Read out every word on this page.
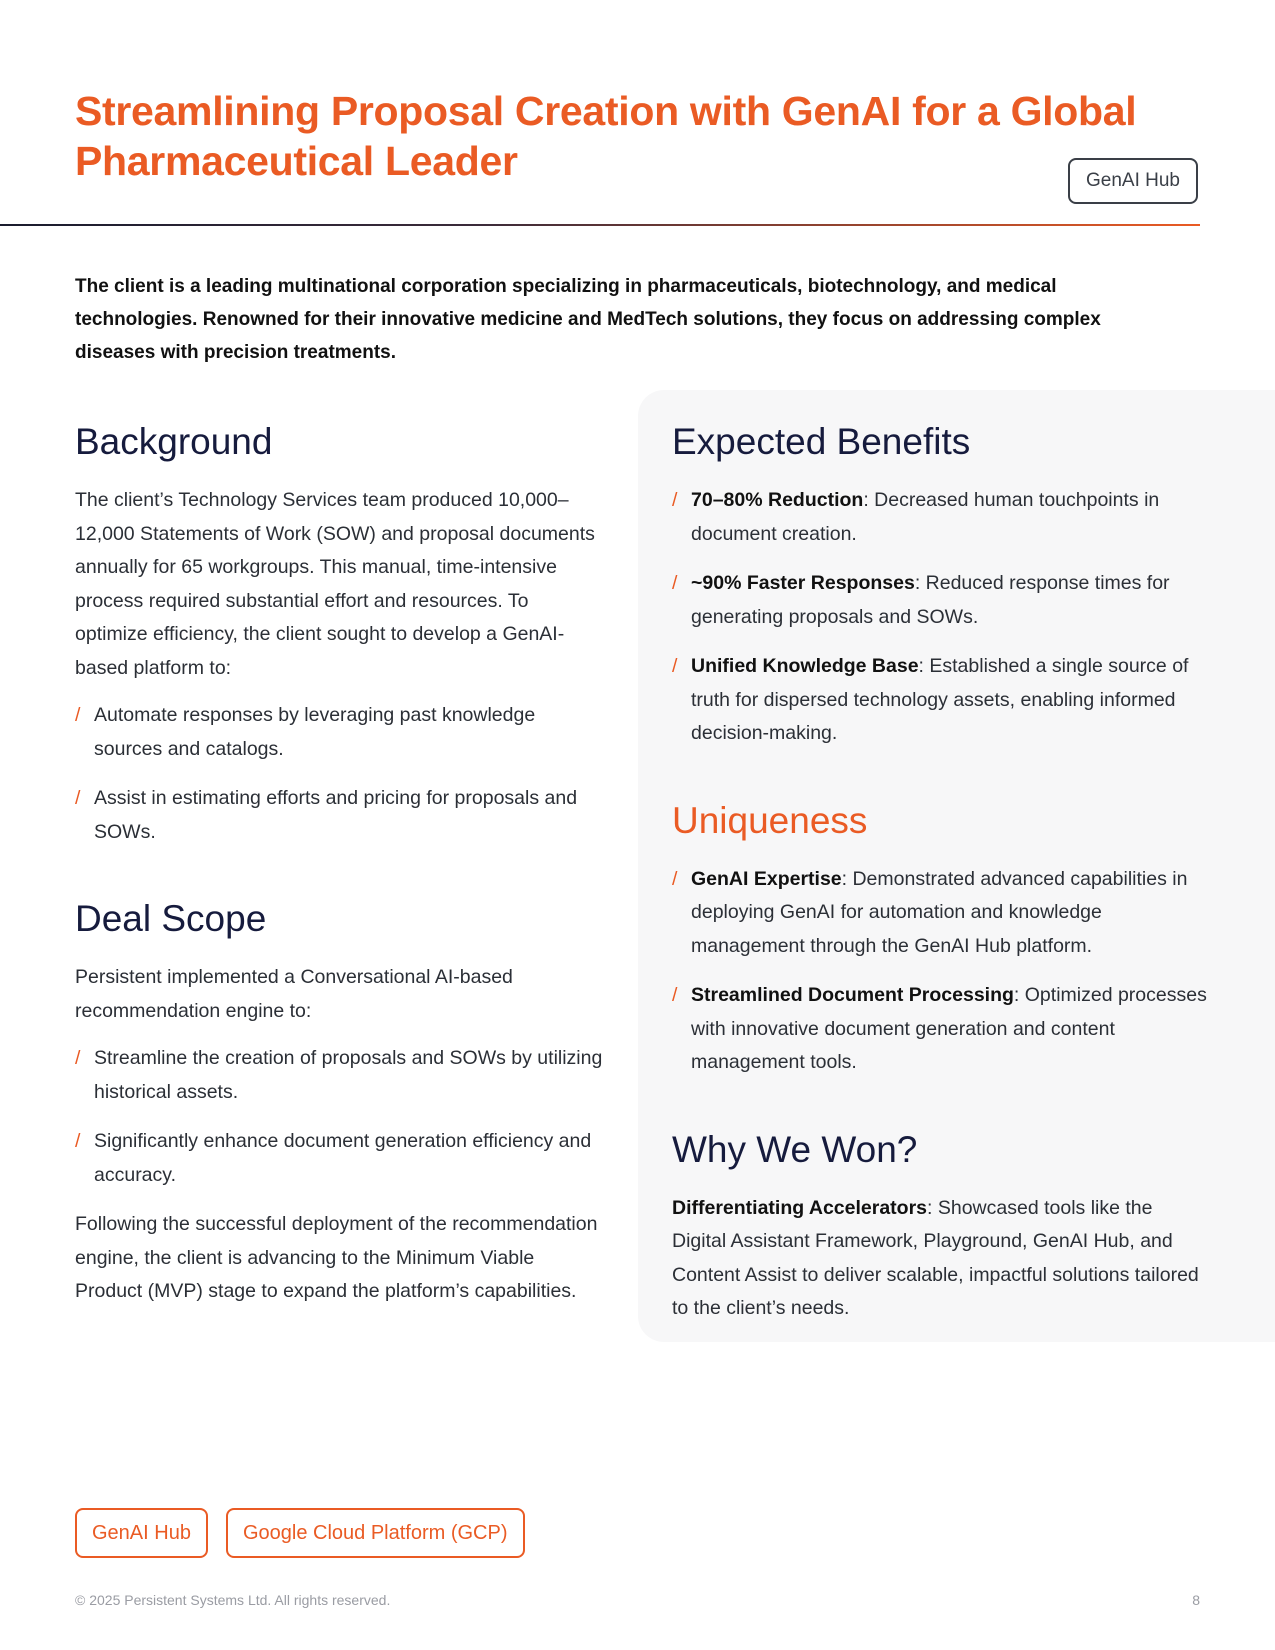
Streamlining Proposal Creation with GenAI for a Global Pharmaceutical Leader	GenAI Hub

The client is a leading multinational corporation specializing in pharmaceuticals, biotechnology, and medical technologies. Renowned for their innovative medicine and MedTech solutions, they focus on addressing complex diseases with precision treatments.

Background

The client’s Technology Services team produced 10,000–12,000 Statements of Work (SOW) and proposal documents annually for 65 workgroups. This manual, time-intensive process required substantial effort and resources. To optimize efficiency, the client sought to develop a GenAI-based platform to:

/ Automate responses by leveraging past knowledge sources and catalogs.
/ Assist in estimating efforts and pricing for proposals and SOWs.
Deal Scope

Persistent implemented a Conversational AI-based recommendation engine to:

/ Streamline the creation of proposals and SOWs by utilizing historical assets.
/ Significantly enhance document generation efficiency and accuracy.

Following the successful deployment of the recommendation engine, the client is advancing to the Minimum Viable Product (MVP) stage to expand the platform’s capabilities.

Expected Benefits
/ 70–80% Reduction: Decreased human touchpoints in document creation.
/ ~90% Faster Responses: Reduced response times for generating proposals and SOWs.
/ Unified Knowledge Base: Established a single source of truth for dispersed technology assets, enabling informed decision-making.
Uniqueness
/ GenAI Expertise: Demonstrated advanced capabilities in deploying GenAI for automation and knowledge management through the GenAI Hub platform.
/ Streamlined Document Processing: Optimized processes with innovative document generation and content management tools.
Why We Won?

Differentiating Accelerators: Showcased tools like the Digital Assistant Framework, Playground, GenAI Hub, and Content Assist to deliver scalable, impactful solutions tailored to the client’s needs.

GenAI Hub	Google Cloud Platform (GCP)
© 2025 Persistent Systems Ltd. All rights reserved.	8
